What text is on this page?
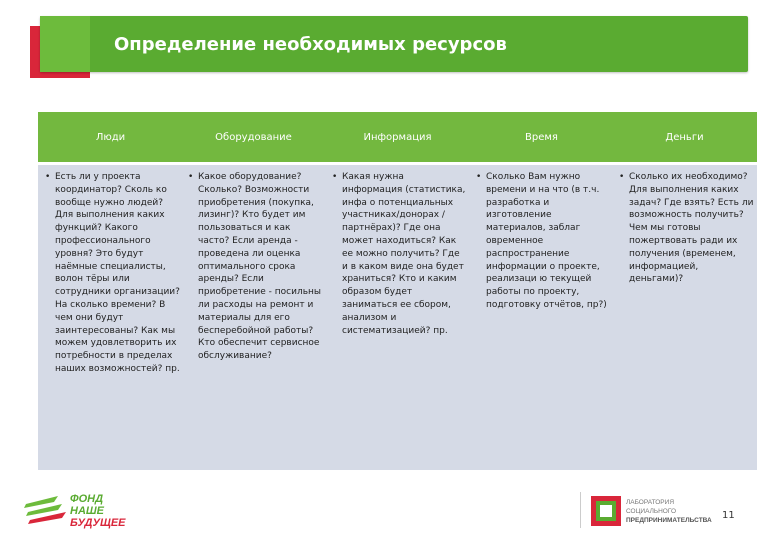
Определение необходимых ресурсов
Люди
• Есть ли у проекта координатор? Сколь ко вообще нужно людей? Для выполнения каких функций? Какого профессионального уровня? Это будут наёмные специалисты, волон тёры или сотрудники организации? На сколько времени? В чем они будут заинтересованы? Как мы можем удовлетворить их потребности в пределах наших возможностей? пр.
Оборудование
• Какое оборудование? Сколько? Возможности приобретения (покупка, лизинг)? Кто будет им пользоваться и как часто? Если аренда - проведена ли оценка оптимального срока аренды? Если приобретение - посильны ли расходы на ремонт и материалы для его бесперебойной работы? Кто обеспечит сервисное обслуживание?
Информация
• Какая нужна информация (статистика, инфа о потенциальных участниках/донорах /партнёрах)? Где она может находиться? Как ее можно получить? Где и в каком виде она будет храниться? Кто и каким образом будет заниматься ее сбором, анализом и систематизацией? пр.
Время
• Сколько Вам нужно времени и на что (в т.ч. разработка и изготовление материалов, заблаг овременное распространение информации о проекте, реализаци ю текущей работы по проекту, подготовку отчётов, пр?)
Деньги
• Сколько их необходимо? Для выполнения каких задач? Где взять? Есть ли возможность получить? Чем мы готовы пожертвовать ради их получения (временем, информацией, деньгами)?
ФОНД
НАШЕ
БУДУЩЕЕ
ЛАБОРАТОРИЯ
СОЦИАЛЬНОГО
ПРЕДПРИНИМАТЕЛЬСТВА 11
